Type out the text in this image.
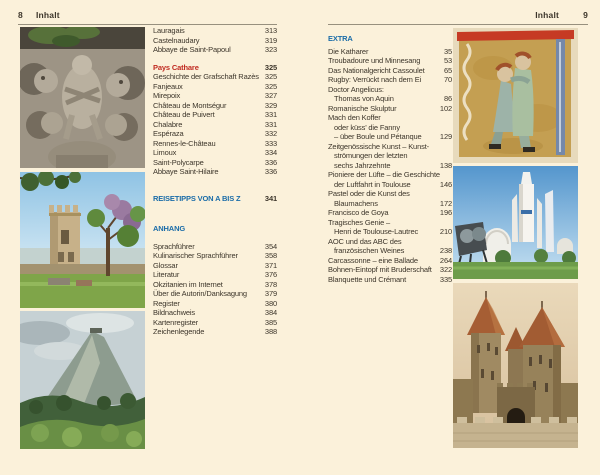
8 Inhalt	Inhalt	9
Lauragais	313
Castelnaudary	319
Abbaye de Saint-Papoul	323
Pays Cathare	325
Geschichte der Grafschaft Razès 325
Fanjeaux	325
Mirepoix	327
Château de Montségur	329
Château de Puivert	331
Chalabre	331
Espéraza	332
Rennes-le-Château	333
Limoux	334
Saint-Polycarpe	336
Abbaye Saint-Hilaire	336
REISETIPPS VON A BIS Z	341
ANHANG
Sprachführer	354
Kulinarischer Sprachführer	358
Glossar	371
Literatur	376
Okzitanien im Internet	378
Über die Autorin/Danksagung 379
Register	380
Bildnachweis	384
Kartenregister	385
Zeichenlegende	388
EXTRA
Die Katharer	35
Troubadoure und Minnesang	53
Das Nationalgericht Cassoulet	65
Rugby: Verrückt nach dem Ei	70
Doctor Angelicus:
Thomas von Aquin	86
Romanische Skulptur	102
Mach den Koffer
oder küss’ die Fanny
– über Boule und Pétanque 129
Zeitgenössische Kunst – Kunst-
strömungen der letzten
sechs Jahrzehnte	138
Pioniere der Lüfte – die Geschichte
der Luftfahrt in Toulouse	146
Pastel oder die Kunst des
Blaumachens	172
Francisco de Goya	196
Tragisches Genie –
Henri de Toulouse-Lautrec	210
AOC und das ABC des
französischen Weines	238
Carcassonne – eine Ballade	264
Bohnen-Eintopf mit Bruderschaft 322
Blanquette und Crémant	335
